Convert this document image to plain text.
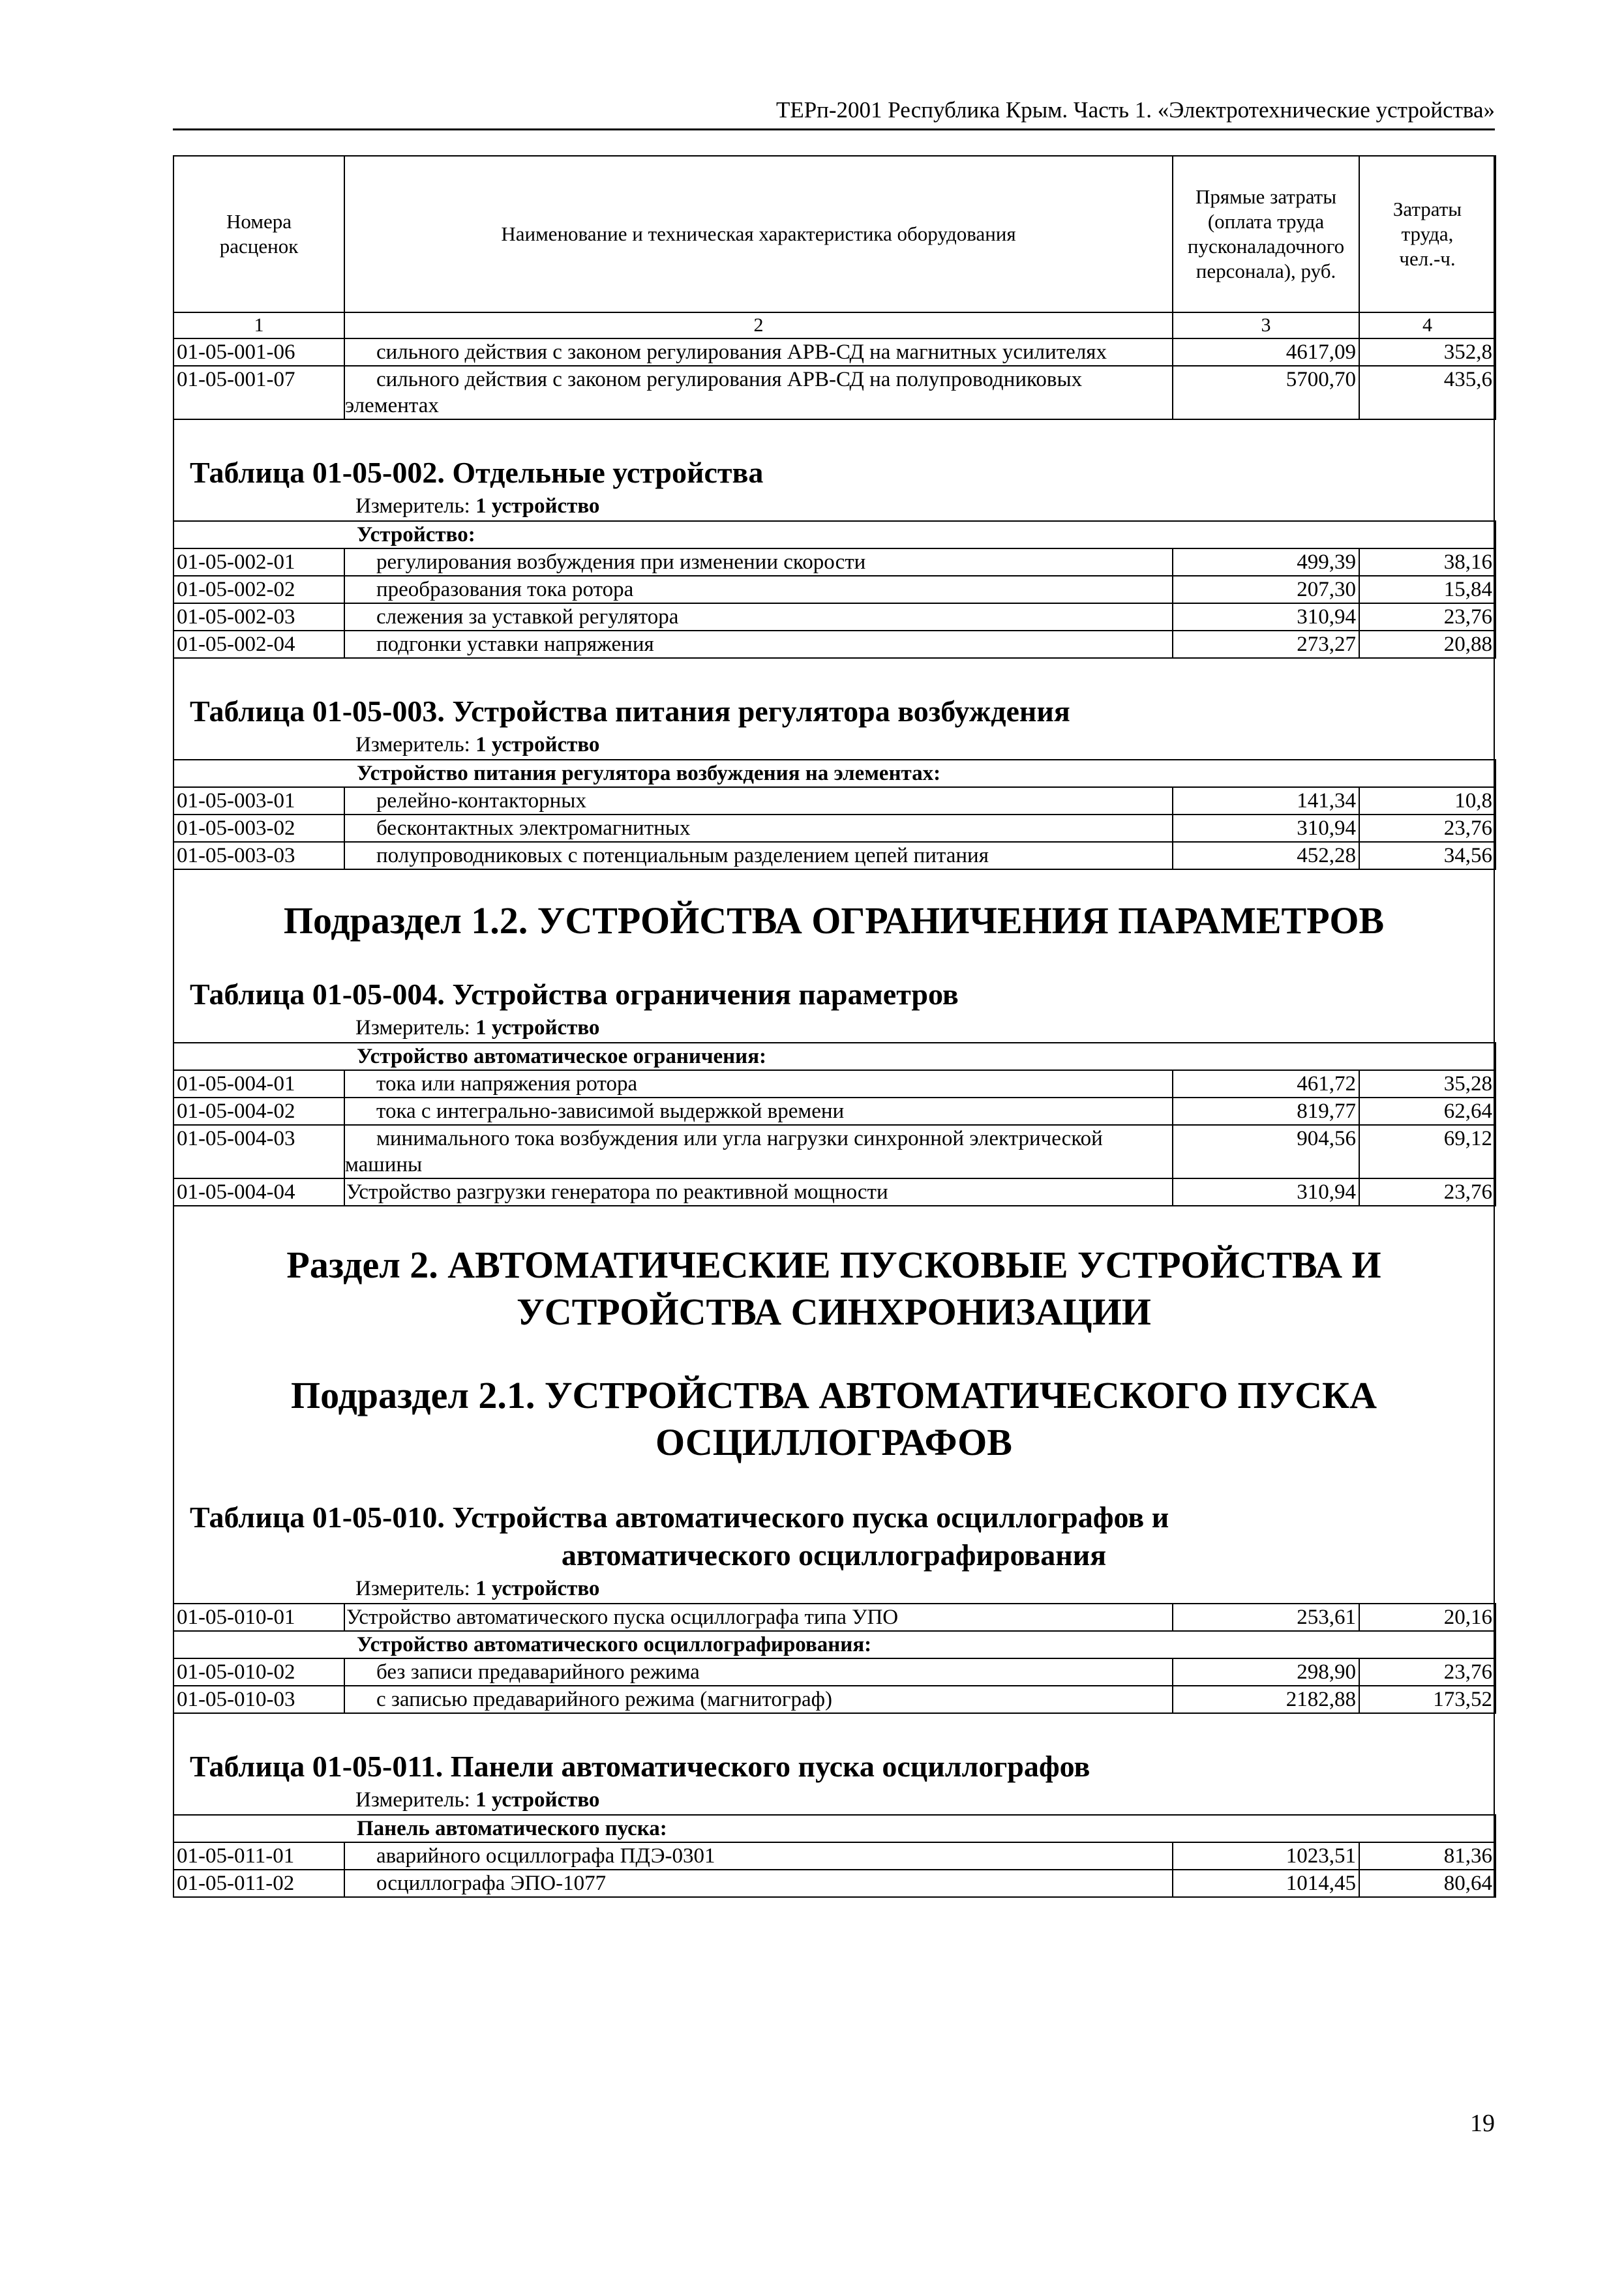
ТЕРп-2001 Республика Крым. Часть 1. «Электротехнические устройства»
Номера расценок	Наименование и техническая характеристика оборудования	Прямые затраты (оплата труда пусконаладочного персонала), руб.	Затраты труда, чел.-ч.
1	2	3	4
01-05-001-06	сильного действия с законом регулирования АРВ-СД на магнитных усилителях	4617,09	352,8
01-05-001-07	сильного действия с законом регулирования АРВ-СД на полупроводниковых элементах	5700,70	435,6
Таблица 01-05-002. Отдельные устройства
Измеритель: 1 устройство
Устройство:			
01-05-002-01	регулирования возбуждения при изменении скорости	499,39	38,16
01-05-002-02	преобразования тока ротора	207,30	15,84
01-05-002-03	слежения за уставкой регулятора	310,94	23,76
01-05-002-04	подгонки уставки напряжения	273,27	20,88
Таблица 01-05-003. Устройства питания регулятора возбуждения
Измеритель: 1 устройство
Устройство питания регулятора возбуждения на элементах:			
01-05-003-01	релейно-контакторных	141,34	10,8
01-05-003-02	бесконтактных электромагнитных	310,94	23,76
01-05-003-03	полупроводниковых с потенциальным разделением цепей питания	452,28	34,56
Подраздел 1.2. УСТРОЙСТВА ОГРАНИЧЕНИЯ ПАРАМЕТРОВ
Таблица 01-05-004. Устройства ограничения параметров
Измеритель: 1 устройство
Устройство автоматическое ограничения:			
01-05-004-01	тока или напряжения ротора	461,72	35,28
01-05-004-02	тока с интегрально-зависимой выдержкой времени	819,77	62,64
01-05-004-03	минимального тока возбуждения или угла нагрузки синхронной электрической машины	904,56	69,12
01-05-004-04	Устройство разгрузки генератора по реактивной мощности	310,94	23,76
Раздел 2. АВТОМАТИЧЕСКИЕ ПУСКОВЫЕ УСТРОЙСТВА И УСТРОЙСТВА СИНХРОНИЗАЦИИ
Подраздел 2.1. УСТРОЙСТВА АВТОМАТИЧЕСКОГО ПУСКА ОСЦИЛЛОГРАФОВ
Таблица 01-05-010. Устройства автоматического пуска осциллографов и
автоматического осциллографирования
Измеритель: 1 устройство
01-05-010-01	Устройство автоматического пуска осциллографа типа УПО	253,61	20,16
Устройство автоматического осциллографирования:			
01-05-010-02	без записи предаварийного режима	298,90	23,76
01-05-010-03	с записью предаварийного режима (магнитограф)	2182,88	173,52
Таблица 01-05-011. Панели автоматического пуска осциллографов
Измеритель: 1 устройство
Панель автоматического пуска:			
01-05-011-01	аварийного осциллографа ПДЭ-0301	1023,51	81,36
01-05-011-02	осциллографа ЭПО-1077	1014,45	80,64
19
